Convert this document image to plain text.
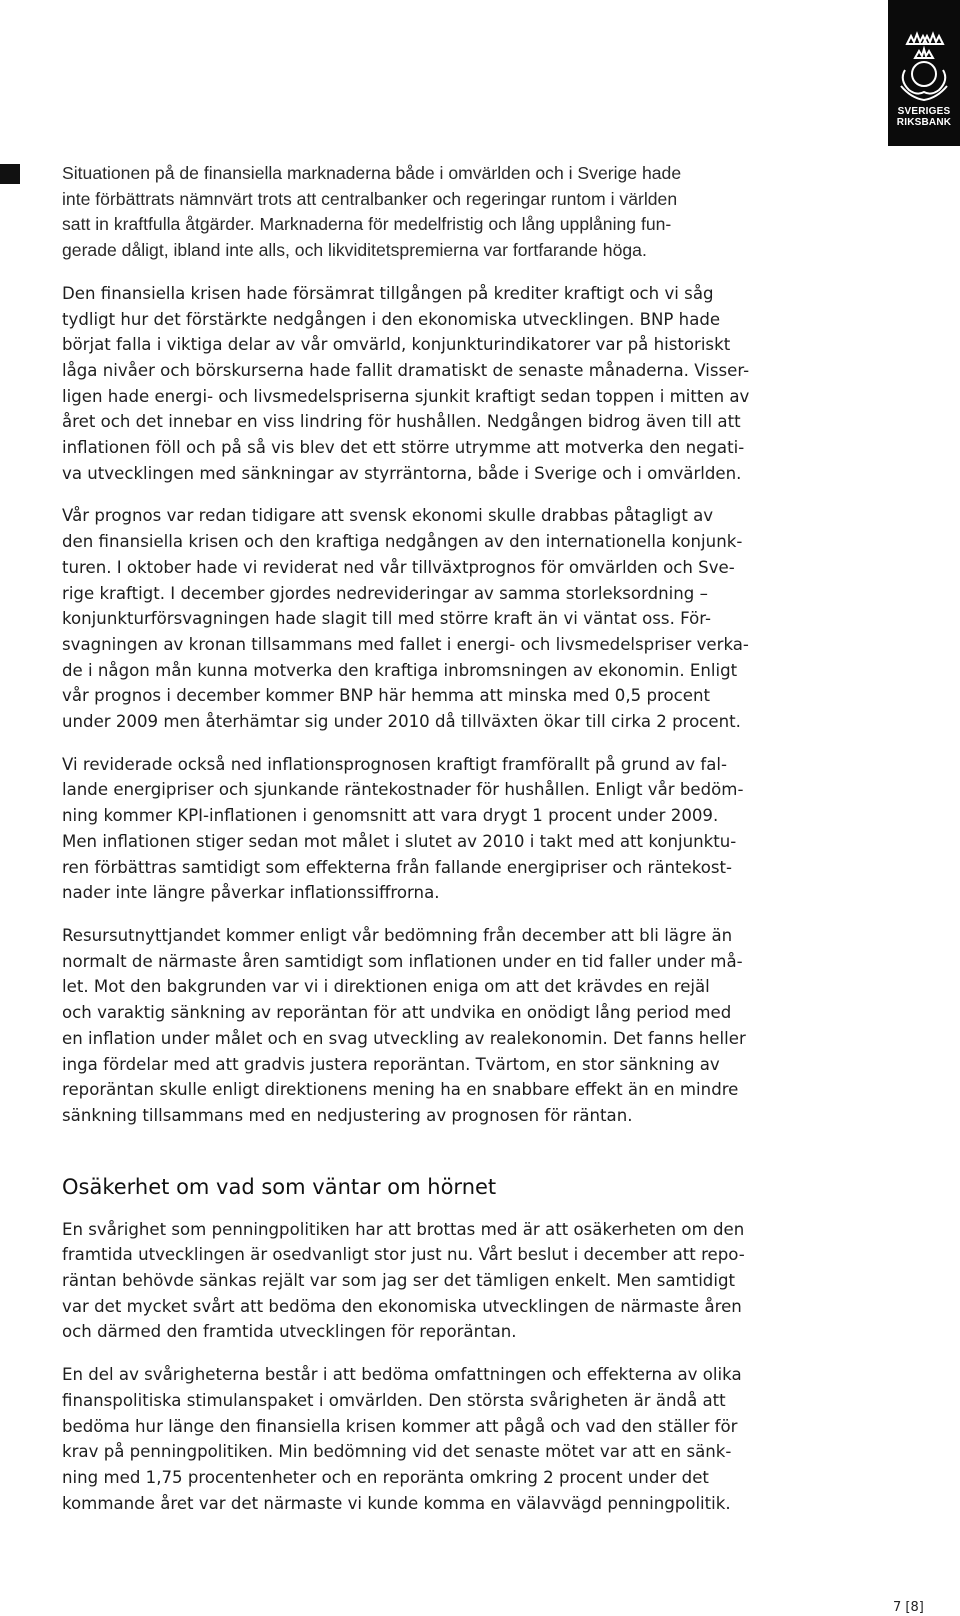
SVERIGES
RIKSBANK
Situationen på de finansiella marknaderna både i omvärlden och i Sverige hade
inte förbättrats nämnvärt trots att centralbanker och regeringar runtom i världen
satt in kraftfulla åtgärder. Marknaderna för medelfristig och lång upplåning fun-
gerade dåligt, ibland inte alls, och likviditetspremierna var fortfarande höga.
Den finansiella krisen hade försämrat tillgången på krediter kraftigt och vi såg
tydligt hur det förstärkte nedgången i den ekonomiska utvecklingen. BNP hade
börjat falla i viktiga delar av vår omvärld, konjunkturindikatorer var på historiskt
låga nivåer och börskurserna hade fallit dramatiskt de senaste månaderna. Visser-
ligen hade energi- och livsmedelspriserna sjunkit kraftigt sedan toppen i mitten av
året och det innebar en viss lindring för hushållen. Nedgången bidrog även till att
inflationen föll och på så vis blev det ett större utrymme att motverka den negati-
va utvecklingen med sänkningar av styrräntorna, både i Sverige och i omvärlden.
Vår prognos var redan tidigare att svensk ekonomi skulle drabbas påtagligt av
den finansiella krisen och den kraftiga nedgången av den internationella konjunk-
turen. I oktober hade vi reviderat ned vår tillväxtprognos för omvärlden och Sve-
rige kraftigt. I december gjordes nedrevideringar av samma storleksordning –
konjunkturförsvagningen hade slagit till med större kraft än vi väntat oss. För-
svagningen av kronan tillsammans med fallet i energi- och livsmedelspriser verka-
de i någon mån kunna motverka den kraftiga inbromsningen av ekonomin. Enligt
vår prognos i december kommer BNP här hemma att minska med 0,5 procent
under 2009 men återhämtar sig under 2010 då tillväxten ökar till cirka 2 procent.
Vi reviderade också ned inflationsprognosen kraftigt framförallt på grund av fal-
lande energipriser och sjunkande räntekostnader för hushållen. Enligt vår bedöm-
ning kommer KPI-inflationen i genomsnitt att vara drygt 1 procent under 2009.
Men inflationen stiger sedan mot målet i slutet av 2010 i takt med att konjunktu-
ren förbättras samtidigt som effekterna från fallande energipriser och räntekost-
nader inte längre påverkar inflationssiffrorna.
Resursutnyttjandet kommer enligt vår bedömning från december att bli lägre än
normalt de närmaste åren samtidigt som inflationen under en tid faller under må-
let. Mot den bakgrunden var vi i direktionen eniga om att det krävdes en rejäl
och varaktig sänkning av reporäntan för att undvika en onödigt lång period med
en inflation under målet och en svag utveckling av realekonomin. Det fanns heller
inga fördelar med att gradvis justera reporäntan. Tvärtom, en stor sänkning av
reporäntan skulle enligt direktionens mening ha en snabbare effekt än en mindre
sänkning tillsammans med en nedjustering av prognosen för räntan.
Osäkerhet om vad som väntar om hörnet
En svårighet som penningpolitiken har att brottas med är att osäkerheten om den
framtida utvecklingen är osedvanligt stor just nu. Vårt beslut i december att repo-
räntan behövde sänkas rejält var som jag ser det tämligen enkelt. Men samtidigt
var det mycket svårt att bedöma den ekonomiska utvecklingen de närmaste åren
och därmed den framtida utvecklingen för reporäntan.
En del av svårigheterna består i att bedöma omfattningen och effekterna av olika
finanspolitiska stimulanspaket i omvärlden. Den största svårigheten är ändå att
bedöma hur länge den finansiella krisen kommer att pågå och vad den ställer för
krav på penningpolitiken. Min bedömning vid det senaste mötet var att en sänk-
ning med 1,75 procentenheter och en reporänta omkring 2 procent under det
kommande året var det närmaste vi kunde komma en välavvägd penningpolitik.
7 [8]
